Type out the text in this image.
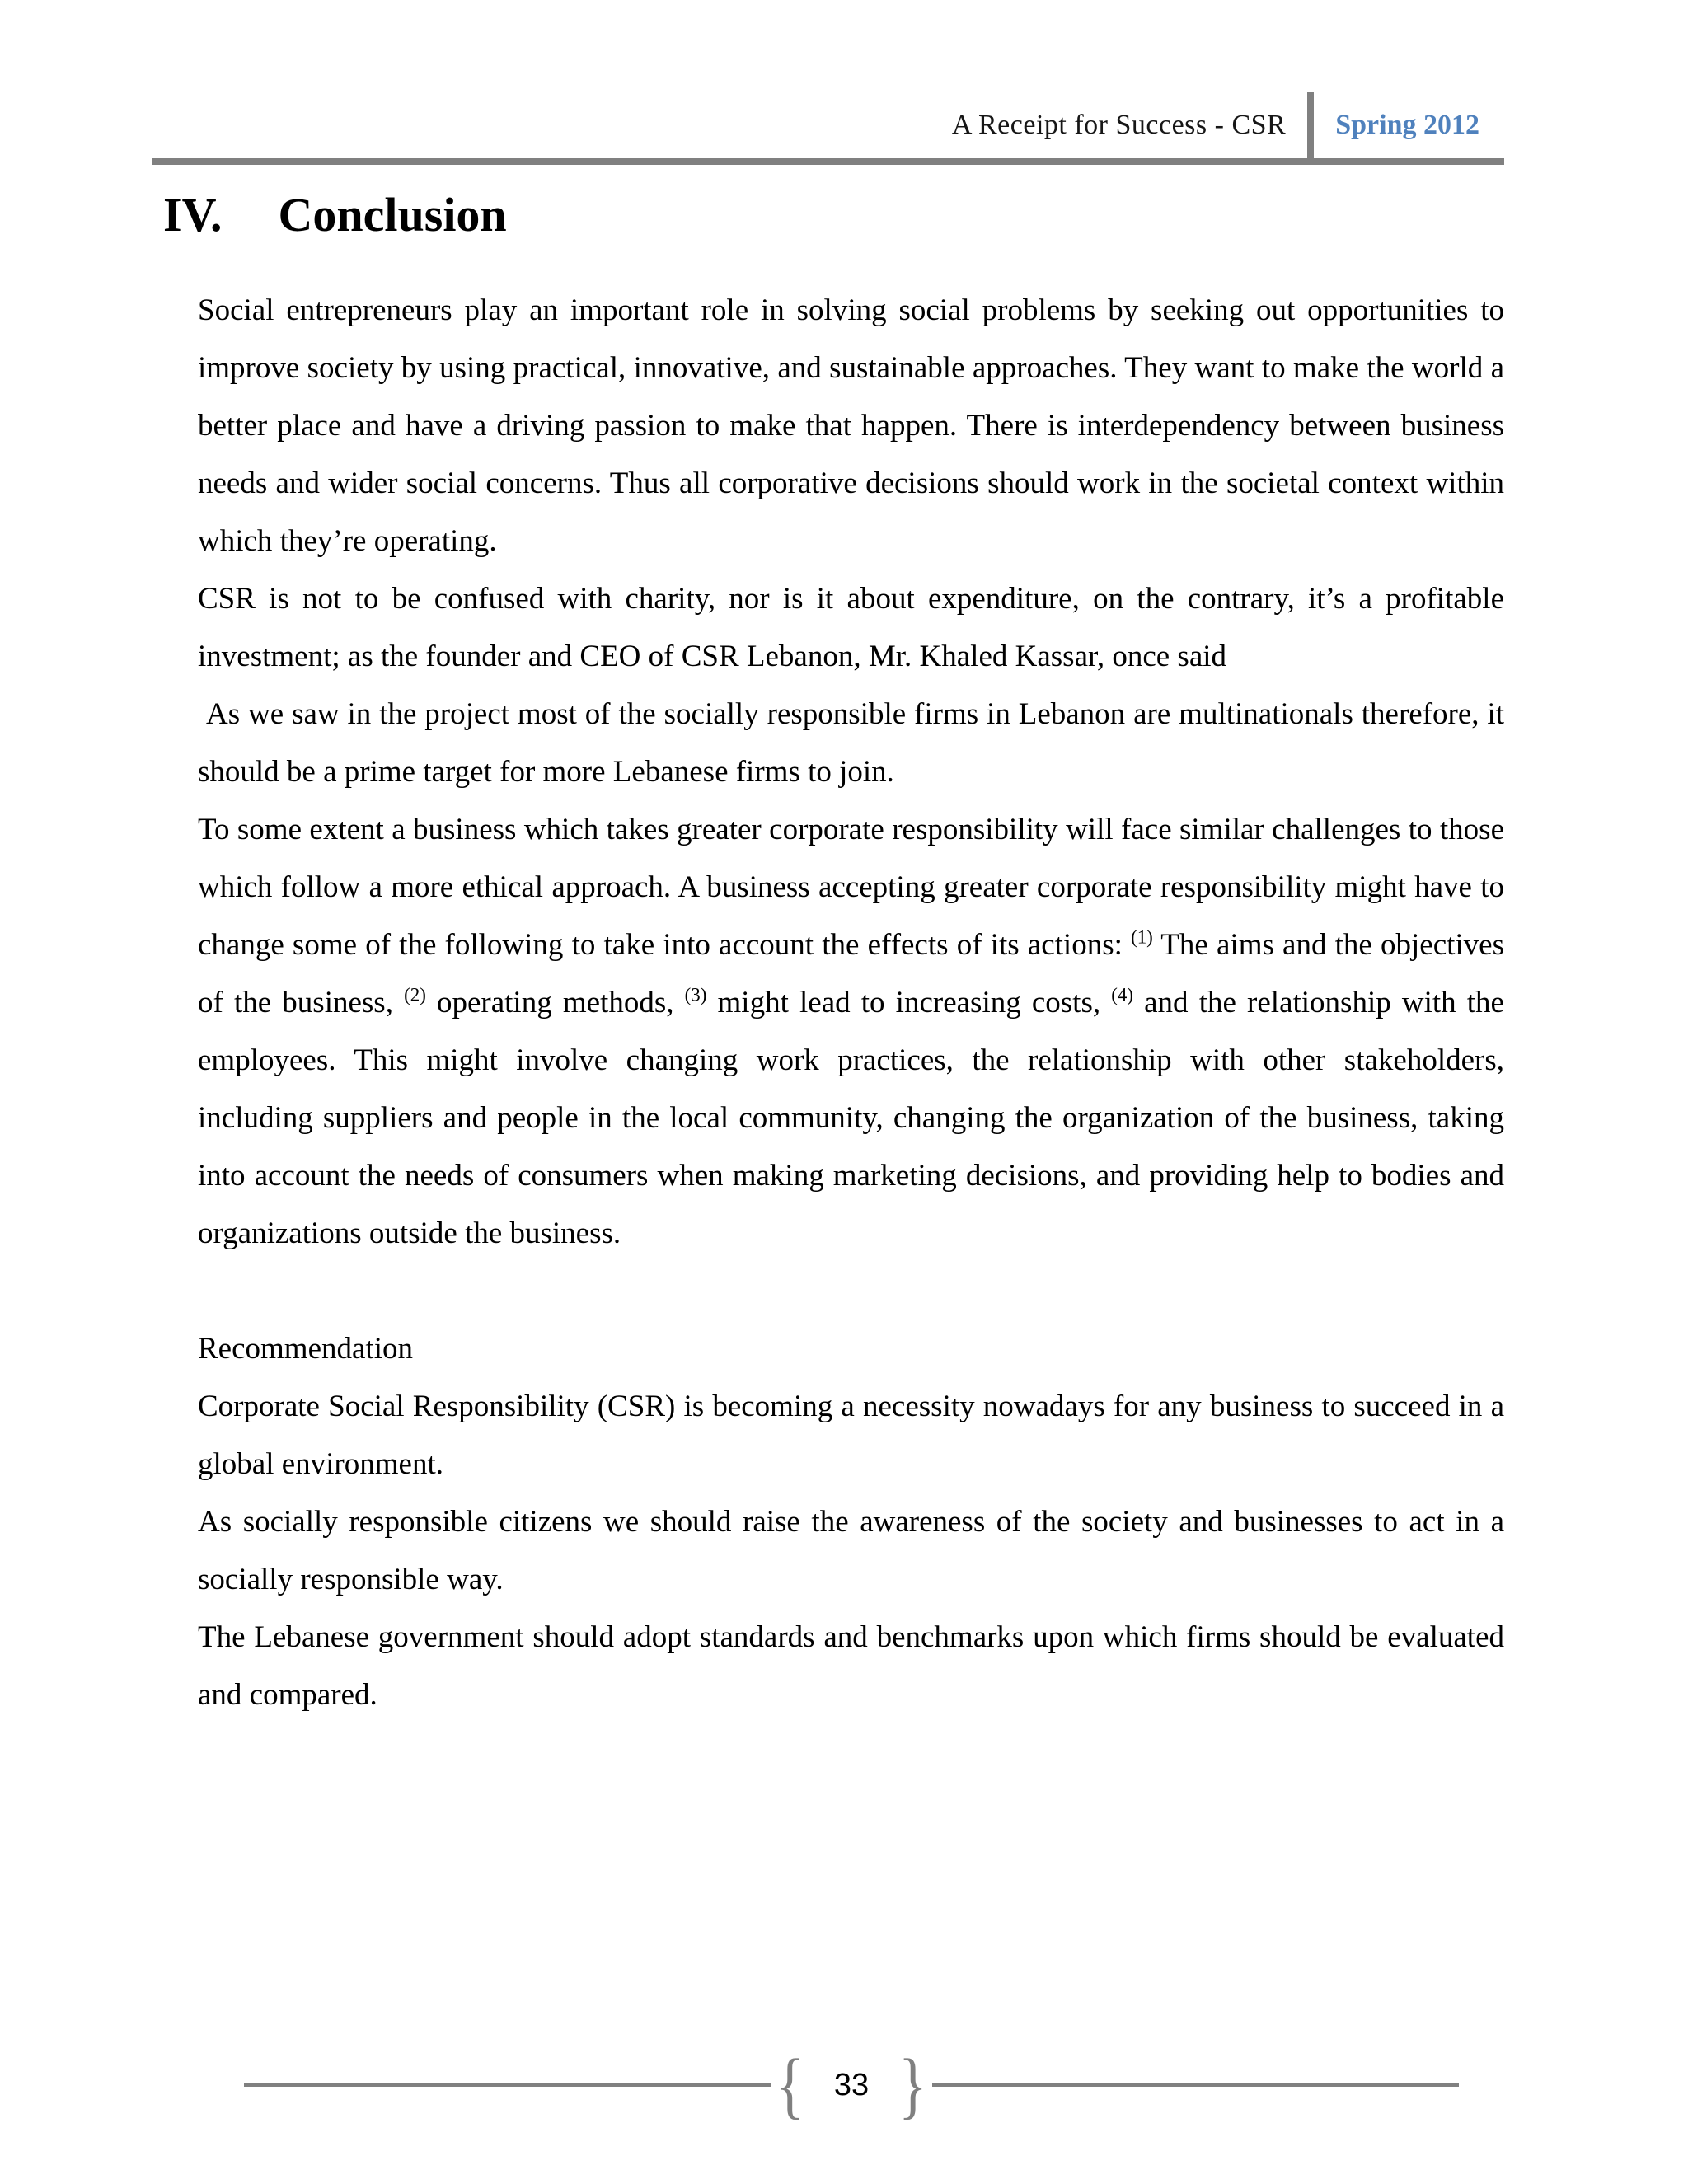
A Receipt for Success - CSR Spring 2012
IV. Conclusion

Social entrepreneurs play an important role in solving social problems by seeking out opportunities to improve society by using practical, innovative, and sustainable approaches. They want to make the world a better place and have a driving passion to make that happen. There is interdependency between business needs and wider social concerns. Thus all corporative decisions should work in the societal context within which they’re operating.

CSR is not to be confused with charity, nor is it about expenditure, on the contrary, it’s a profitable investment; as the founder and CEO of CSR Lebanon, Mr. Khaled Kassar, once said

As we saw in the project most of the socially responsible firms in Lebanon are multinationals therefore, it should be a prime target for more Lebanese firms to join.

To some extent a business which takes greater corporate responsibility will face similar challenges to those which follow a more ethical approach. A business accepting greater corporate responsibility might have to change some of the following to take into account the effects of its actions: $^{(1)}$ The aims and the objectives of the business, $^{(2)}$ operating methods, $^{(3)}$ might lead to increasing costs, $^{(4)}$ and the relationship with the employees. This might involve changing work practices, the relationship with other stakeholders, including suppliers and people in the local community, changing the organization of the business, taking into account the needs of consumers when making marketing decisions, and providing help to bodies and organizations outside the business.

Recommendation

Corporate Social Responsibility (CSR) is becoming a necessity nowadays for any business to succeed in a global environment.

As socially responsible citizens we should raise the awareness of the society and businesses to act in a socially responsible way.

The Lebanese government should adopt standards and benchmarks upon which firms should be evaluated and compared.

{ 33 }
